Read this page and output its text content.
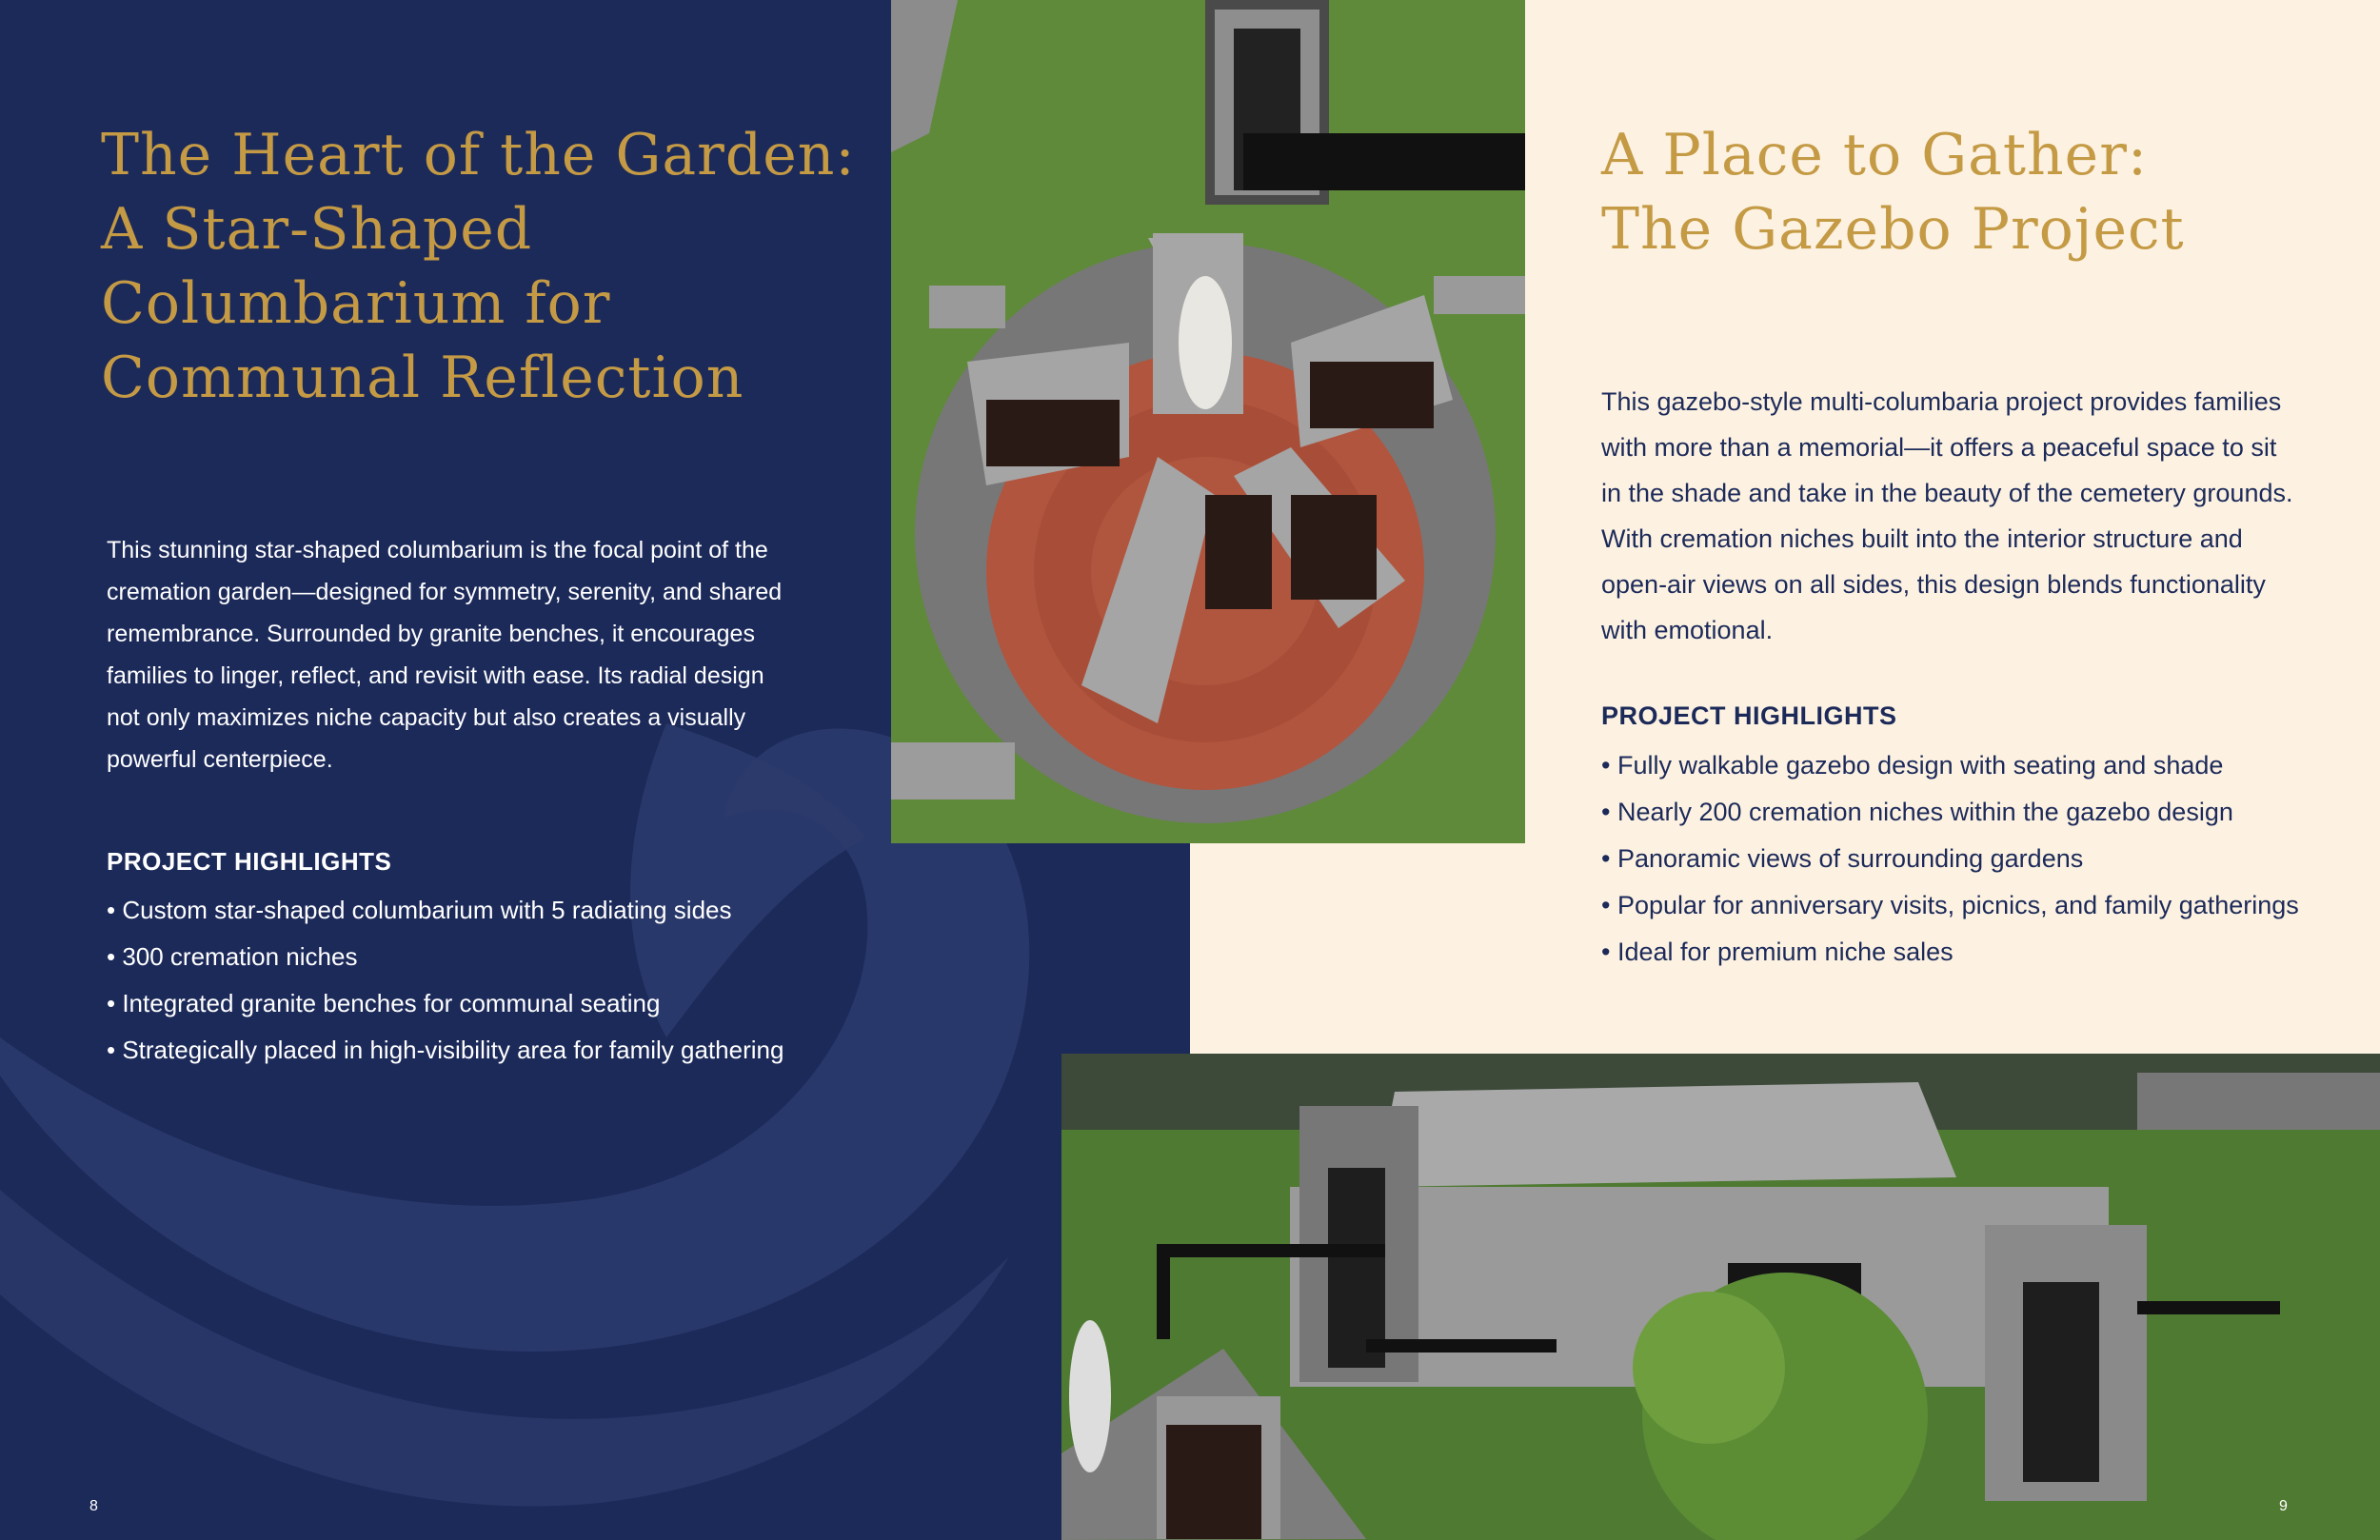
The Heart of the Garden:
A Star-Shaped
Columbarium for
Communal Reflection

This stunning star-shaped columbarium is the focal point of the
cremation garden—designed for symmetry, serenity, and shared
remembrance. Surrounded by granite benches, it encourages
families to linger, reflect, and revisit with ease. Its radial design
not only maximizes niche capacity but also creates a visually
powerful centerpiece.

PROJECT HIGHLIGHTS
• Custom star-shaped columbarium with 5 radiating sides
• 300 cremation niches
• Integrated granite benches for communal seating
• Strategically placed in high-visibility area for family gathering
A Place to Gather:
The Gazebo Project

This gazebo-style multi-columbaria project provides families
with more than a memorial—it offers a peaceful space to sit
in the shade and take in the beauty of the cemetery grounds.
With cremation niches built into the interior structure and
open-air views on all sides, this design blends functionality
with emotional.

PROJECT HIGHLIGHTS
• Fully walkable gazebo design with seating and shade
• Nearly 200 cremation niches within the gazebo design
• Panoramic views of surrounding gardens
• Popular for anniversary visits, picnics, and family gatherings
• Ideal for premium niche sales
8	9
